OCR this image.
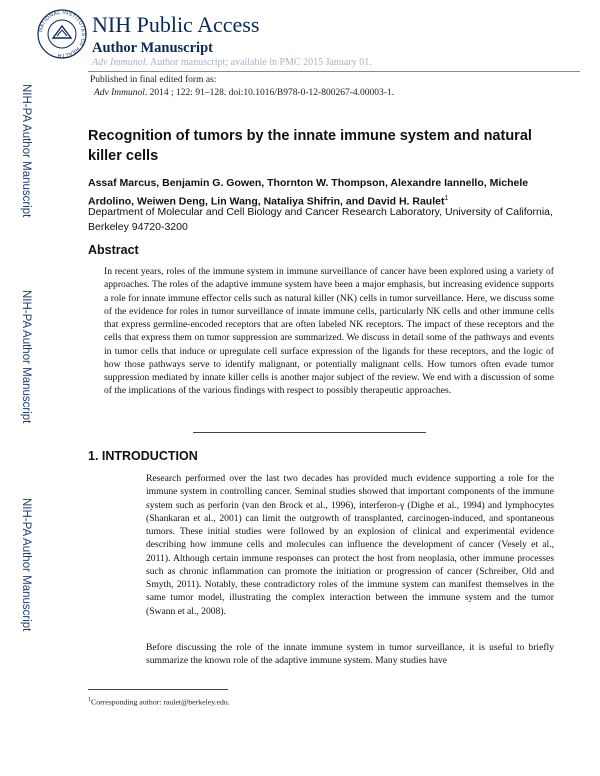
NATIONAL INSTITUTES OF HEALTH
NIH Public Access
Author Manuscript
Adv Immunol. Author manuscript; available in PMC 2015 January 01.
Published in final edited form as:
Adv Immunol. 2014 ; 122: 91–128. doi:10.1016/B978-0-12-800267-4.00003-1.
NIH-PA Author Manuscript
NIH-PA Author Manuscript
NIH-PA Author Manuscript
Recognition of tumors by the innate immune system and natural killer cells
Assaf Marcus, Benjamin G. Gowen, Thornton W. Thompson, Alexandre Iannello, Michele Ardolino, Weiwen Deng, Lin Wang, Nataliya Shifrin, and David H. Raulet$^1$
Department of Molecular and Cell Biology and Cancer Research Laboratory, University of California, Berkeley 94720-3200
Abstract

In recent years, roles of the immune system in immune surveillance of cancer have been explored using a variety of approaches. The roles of the adaptive immune system have been a major emphasis, but increasing evidence supports a role for innate immune effector cells such as natural killer (NK) cells in tumor surveillance. Here, we discuss some of the evidence for roles in tumor surveillance of innate immune cells, particularly NK cells and other immune cells that express germline-encoded receptors that are often labeled NK receptors. The impact of these receptors and the cells that express them on tumor suppression are summarized. We discuss in detail some of the pathways and events in tumor cells that induce or upregulate cell surface expression of the ligands for these receptors, and the logic of how those pathways serve to identify malignant, or potentially malignant cells. How tumors often evade tumor suppression mediated by innate killer cells is another major subject of the review. We end with a discussion of some of the implications of the various findings with respect to possibly therapeutic approaches.

1. INTRODUCTION

Research performed over the last two decades has provided much evidence supporting a role for the immune system in controlling cancer. Seminal studies showed that important components of the immune system such as perforin (van den Brock et al., 1996), interferon-γ (Dighe et al., 1994) and lymphocytes (Shankaran et al., 2001) can limit the outgrowth of transplanted, carcinogen-induced, and spontaneous tumors. These initial studies were followed by an explosion of clinical and experimental evidence describing how immune cells and molecules can influence the development of cancer (Vesely et al., 2011). Although certain immune responses can protect the host from neoplasia, other immune processes such as chronic inflammation can promote the initiation or progression of cancer (Schreiber, Old and Smyth, 2011). Notably, these contradictory roles of the immune system can manifest themselves in the same tumor model, illustrating the complex interaction between the immune system and the tumor (Swann et al., 2008).

Before discussing the role of the innate immune system in tumor surveillance, it is useful to briefly summarize the known role of the adaptive immune system. Many studies have

$^1$Corresponding author: raulet@berkeley.edu.
